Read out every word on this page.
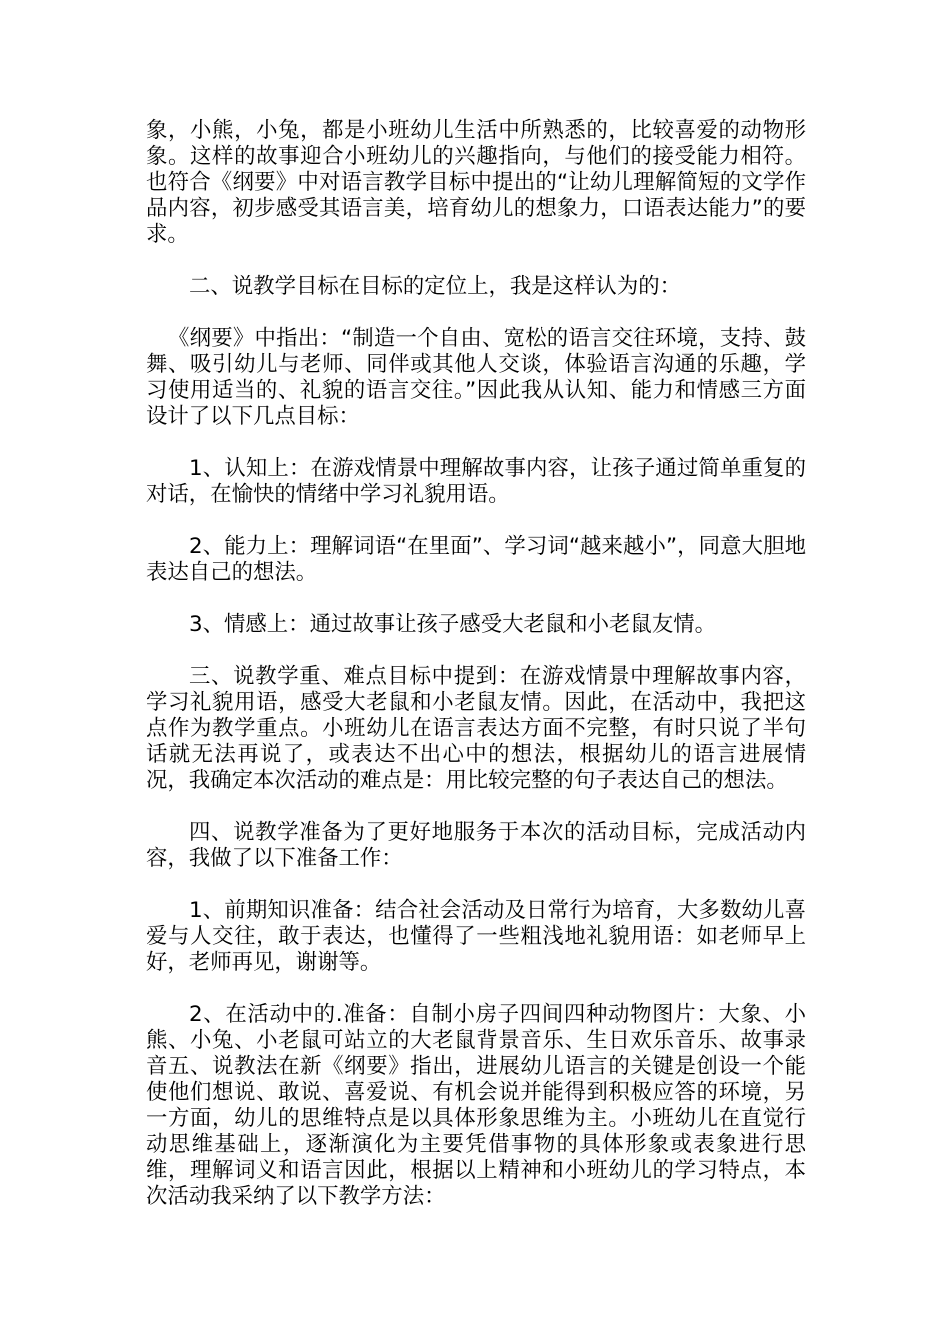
象，小熊，小兔，都是小班幼儿生活中所熟悉的，比较喜爱的动物形象。这样的故事迎合小班幼儿的兴趣指向，与他们的接受能力相符。也符合《纲要》中对语言教学目标中提出的“让幼儿理解简短的文学作品内容，初步感受其语言美，培育幼儿的想象力，口语表达能力”的要求。

二、说教学目标在目标的定位上，我是这样认为的：

《纲要》中指出：“制造一个自由、宽松的语言交往环境，支持、鼓舞、吸引幼儿与老师、同伴或其他人交谈，体验语言沟通的乐趣，学习使用适当的、礼貌的语言交往。”因此我从认知、能力和情感三方面设计了以下几点目标：

1、认知上：在游戏情景中理解故事内容，让孩子通过简单重复的对话，在愉快的情绪中学习礼貌用语。

2、能力上：理解词语“在里面”、学习词“越来越小”，同意大胆地表达自己的想法。

3、情感上：通过故事让孩子感受大老鼠和小老鼠友情。

三、说教学重、难点目标中提到：在游戏情景中理解故事内容，学习礼貌用语，感受大老鼠和小老鼠友情。因此，在活动中，我把这点作为教学重点。小班幼儿在语言表达方面不完整，有时只说了半句话就无法再说了，或表达不出心中的想法，根据幼儿的语言进展情况，我确定本次活动的难点是：用比较完整的句子表达自己的想法。

四、说教学准备为了更好地服务于本次的活动目标，完成活动内容，我做了以下准备工作：

1、前期知识准备：结合社会活动及日常行为培育，大多数幼儿喜爱与人交往，敢于表达，也懂得了一些粗浅地礼貌用语：如老师早上好，老师再见，谢谢等。

2、在活动中的.准备：自制小房子四间四种动物图片：大象、小熊、小兔、小老鼠可站立的大老鼠背景音乐、生日欢乐音乐、故事录音五、说教法在新《纲要》指出，进展幼儿语言的关键是创设一个能使他们想说、敢说、喜爱说、有机会说并能得到积极应答的环境，另一方面，幼儿的思维特点是以具体形象思维为主。小班幼儿在直觉行动思维基础上，逐渐演化为主要凭借事物的具体形象或表象进行思维，理解词义和语言因此，根据以上精神和小班幼儿的学习特点，本次活动我采纳了以下教学方法：
